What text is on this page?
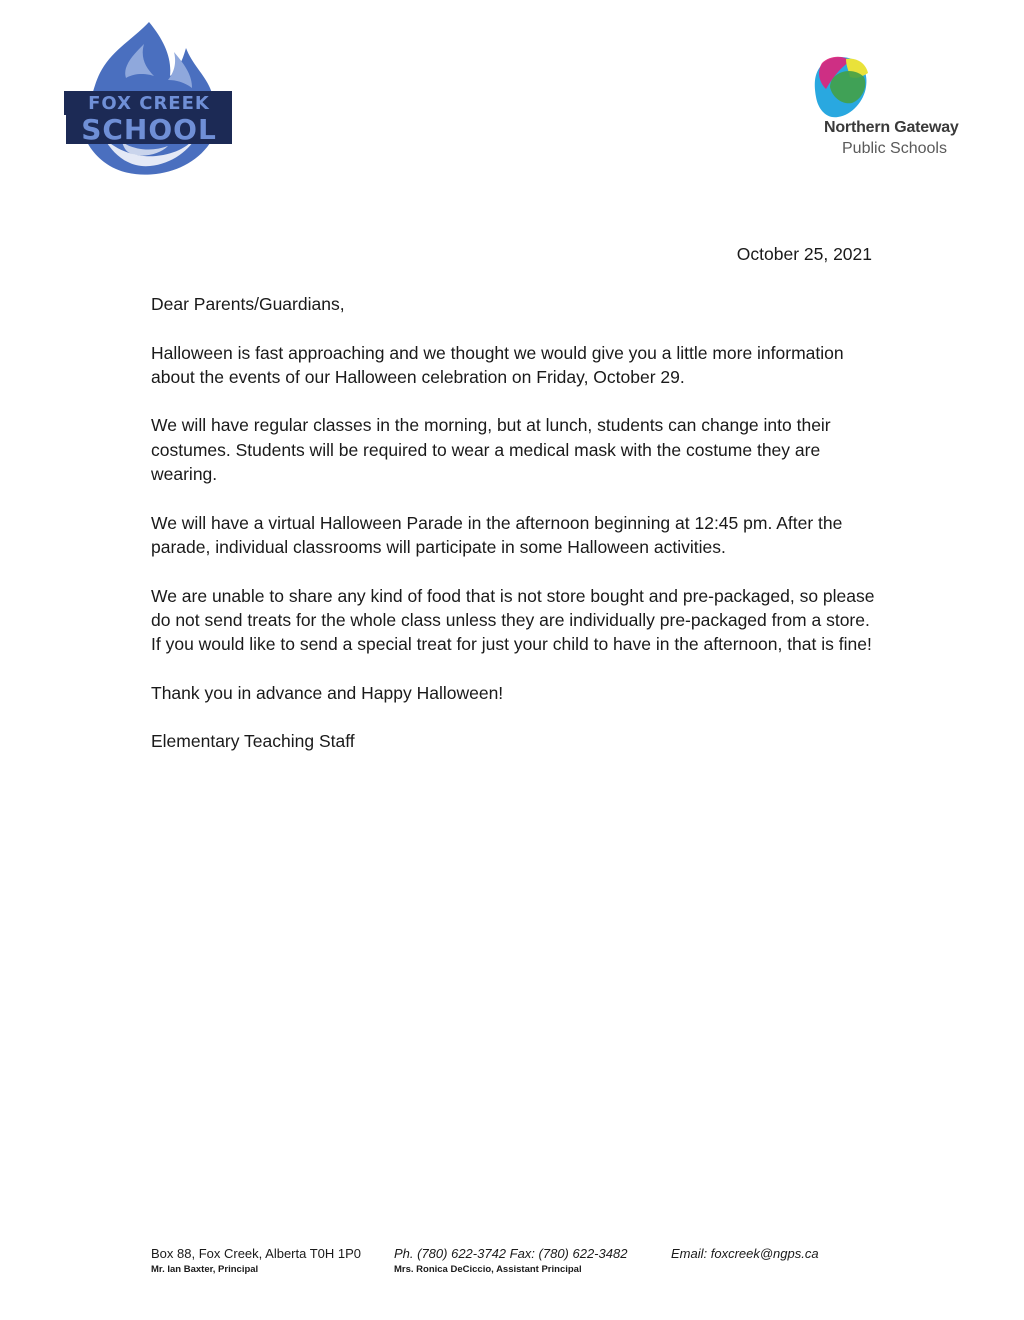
FOX CREEK
SCHOOL	Northern Gateway
Public Schools
October 25, 2021

Dear Parents/Guardians,

Halloween is fast approaching and we thought we would give you a little more information about the events of our Halloween celebration on Friday, October 29.

We will have regular classes in the morning, but at lunch, students can change into their costumes. Students will be required to wear a medical mask with the costume they are wearing.

We will have a virtual Halloween Parade in the afternoon beginning at 12:45 pm. After the parade, individual classrooms will participate in some Halloween activities.

We are unable to share any kind of food that is not store bought and pre-packaged, so please do not send treats for the whole class unless they are individually pre-packaged from a store. If you would like to send a special treat for just your child to have in the afternoon, that is fine!

Thank you in advance and Happy Halloween!

Elementary Teaching Staff

Box 88, Fox Creek, Alberta T0H 1P0	Ph. (780) 622-3742 Fax: (780) 622-3482	Email: foxcreek@ngps.ca
Mr. Ian Baxter, Principal	Mrs. Ronica DeCiccio, Assistant Principal
